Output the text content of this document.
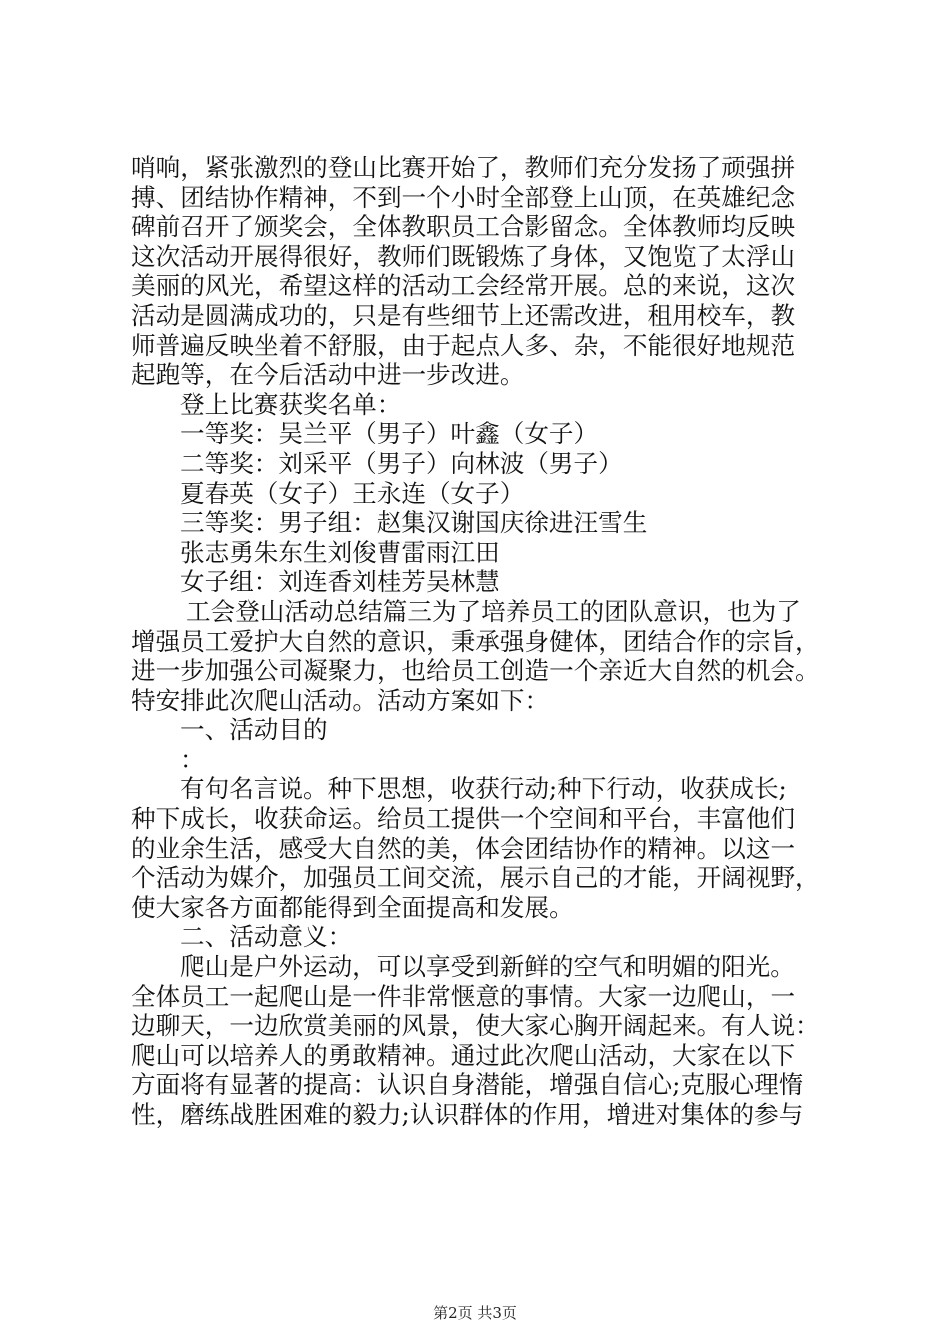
哨响，紧张激烈的登山比赛开始了，教师们充分发扬了顽强拼
搏、团结协作精神，不到一个小时全部登上山顶，在英雄纪念
碑前召开了颁奖会，全体教职员工合影留念。全体教师均反映
这次活动开展得很好，教师们既锻炼了身体，又饱览了太浮山
美丽的风光，希望这样的活动工会经常开展。总的来说，这次
活动是圆满成功的，只是有些细节上还需改进，租用校车，教
师普遍反映坐着不舒服，由于起点人多、杂，不能很好地规范
起跑等，在今后活动中进一步改进。
登上比赛获奖名单：
一等奖：吴兰平（男子）叶鑫（女子）
二等奖：刘采平（男子）向林波（男子）
夏春英（女子）王永连（女子）
三等奖：男子组：赵集汉谢国庆徐进汪雪生
张志勇朱东生刘俊曹雷雨江田
女子组：刘连香刘桂芳吴林慧
工会登山活动总结篇三为了培养员工的团队意识，也为了
增强员工爱护大自然的意识，秉承强身健体，团结合作的宗旨，
进一步加强公司凝聚力，也给员工创造一个亲近大自然的机会。
特安排此次爬山活动。活动方案如下：
一、活动目的
：
有句名言说。种下思想，收获行动;种下行动，收获成长;
种下成长，收获命运。给员工提供一个空间和平台，丰富他们
的业余生活，感受大自然的美，体会团结协作的精神。以这一
个活动为媒介，加强员工间交流，展示自己的才能，开阔视野，
使大家各方面都能得到全面提高和发展。
二、活动意义：
爬山是户外运动，可以享受到新鲜的空气和明媚的阳光。
全体员工一起爬山是一件非常惬意的事情。大家一边爬山，一
边聊天，一边欣赏美丽的风景，使大家心胸开阔起来。有人说：
爬山可以培养人的勇敢精神。通过此次爬山活动，大家在以下
方面将有显著的提高：认识自身潜能，增强自信心;克服心理惰
性，磨练战胜困难的毅力;认识群体的作用，增进对集体的参与
第2页 共3页
